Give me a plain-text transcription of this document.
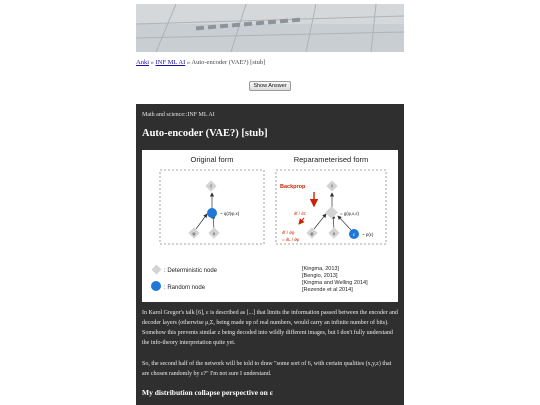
Anki » INF ML AI » Auto-encoder (VAE?) [stub]
Show Answer
Math and science::INF ML AI
Auto-encoder (VAE?) [stub]
Original form	Reparameterised form
f
~ q(z|φ,x)
φ	x
f
= g(φ,x,ε)
φ	x	ε ~ p(ε)
Backprop
∂f / ∂z
∂f / ∂φ
= ∂L / ∂φ
: Deterministic node
: Random node
[Kingma, 2013]
[Bengio, 2013]
[Kingma and Welling 2014]
[Rezende et al 2014]
In Karol Gregor's talk [6], ε is described as [...] that limits the information passed between the encoder and decoder layers (otherwise μ,Σ, being made up of real numbers, would carry an infinite number of bits). Somehow this prevents similar z being decoded into wildly different images, but I don't fully understand the info-theory interpretation quite yet.
So, the second half of the network will be told to draw "some sort of 6, with certain qualities (x,y,z) that are chosen randomly by ε?" I'm not sure I understand.
My distribution collapse perspective on ε
